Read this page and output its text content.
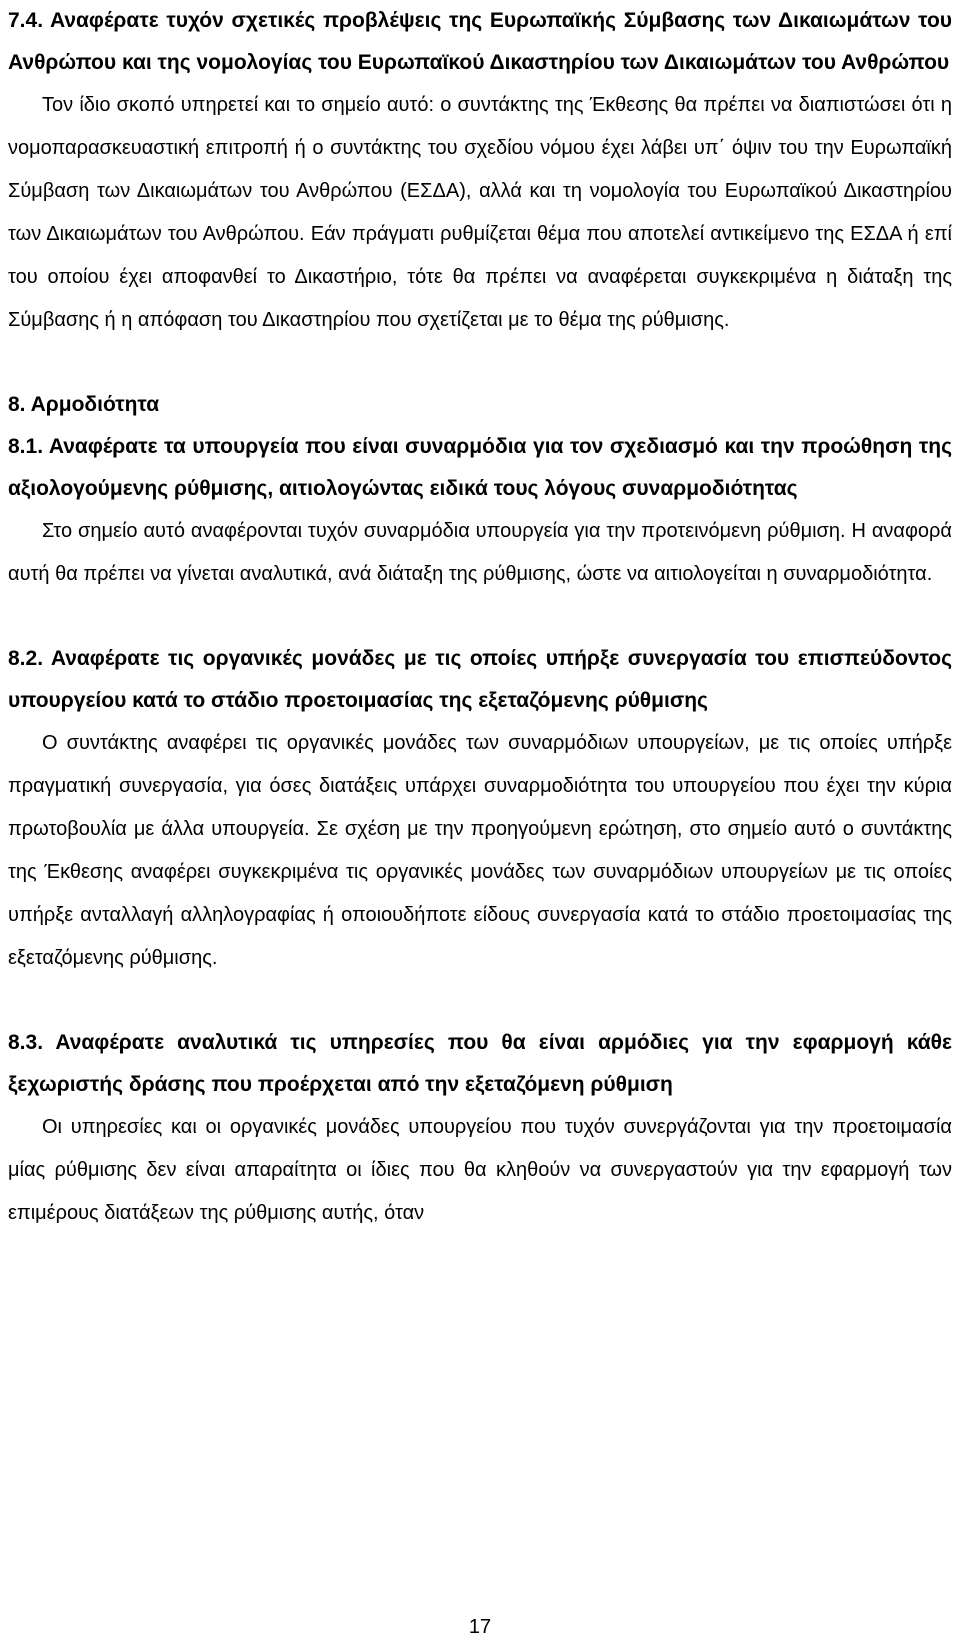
7.4. Αναφέρατε τυχόν σχετικές προβλέψεις της Ευρωπαϊκής Σύμβασης των Δικαιωμάτων του Ανθρώπου και της νομολογίας του Ευρωπαϊκού Δικαστηρίου των Δικαιωμάτων του Ανθρώπου

Τον ίδιο σκοπό υπηρετεί και το σημείο αυτό: ο συντάκτης της Έκθεσης θα πρέπει να διαπιστώσει ότι η νομοπαρασκευαστική επιτροπή ή ο συντάκτης του σχεδίου νόμου έχει λάβει υπ΄ όψιν του την Ευρωπαϊκή Σύμβαση των Δικαιωμάτων του Ανθρώπου (ΕΣΔΑ), αλλά και τη νομολογία του Ευρωπαϊκού Δικαστηρίου των Δικαιωμάτων του Ανθρώπου. Εάν πράγματι ρυθμίζεται θέμα που αποτελεί αντικείμενο της ΕΣΔΑ ή επί του οποίου έχει αποφανθεί το Δικαστήριο, τότε θα πρέπει να αναφέρεται συγκεκριμένα η διάταξη της Σύμβασης ή η απόφαση του Δικαστηρίου που σχετίζεται με το θέμα της ρύθμισης.

8. Αρμοδιότητα

8.1. Αναφέρατε τα υπουργεία που είναι συναρμόδια για τον σχεδιασμό και την προώθηση της αξιολογούμενης ρύθμισης, αιτιολογώντας ειδικά τους λόγους συναρμοδιότητας

Στο σημείο αυτό αναφέρονται τυχόν συναρμόδια υπουργεία για την προτεινόμενη ρύθμιση. Η αναφορά αυτή θα πρέπει να γίνεται αναλυτικά, ανά διάταξη της ρύθμισης, ώστε να αιτιολογείται η συναρμοδιότητα.

8.2. Αναφέρατε τις οργανικές μονάδες με τις οποίες υπήρξε συνεργασία του επισπεύδοντος υπουργείου κατά το στάδιο προετοιμασίας της εξεταζόμενης ρύθμισης

Ο συντάκτης αναφέρει τις οργανικές μονάδες των συναρμόδιων υπουργείων, με τις οποίες υπήρξε πραγματική συνεργασία, για όσες διατάξεις υπάρχει συναρμοδιότητα του υπουργείου που έχει την κύρια πρωτοβουλία με άλλα υπουργεία. Σε σχέση με την προηγούμενη ερώτηση, στο σημείο αυτό ο συντάκτης της Έκθεσης αναφέρει συγκεκριμένα τις οργανικές μονάδες των συναρμόδιων υπουργείων με τις οποίες υπήρξε ανταλλαγή αλληλογραφίας ή οποιουδήποτε είδους συνεργασία κατά το στάδιο προετοιμασίας της εξεταζόμενης ρύθμισης.

8.3. Αναφέρατε αναλυτικά τις υπηρεσίες που θα είναι αρμόδιες για την εφαρμογή κάθε ξεχωριστής δράσης που προέρχεται από την εξεταζόμενη ρύθμιση

Οι υπηρεσίες και οι οργανικές μονάδες υπουργείου που τυχόν συνεργάζονται για την προετοιμασία μίας ρύθμισης δεν είναι απαραίτητα οι ίδιες που θα κληθούν να συνεργαστούν για την εφαρμογή των επιμέρους διατάξεων της ρύθμισης αυτής, όταν

17
